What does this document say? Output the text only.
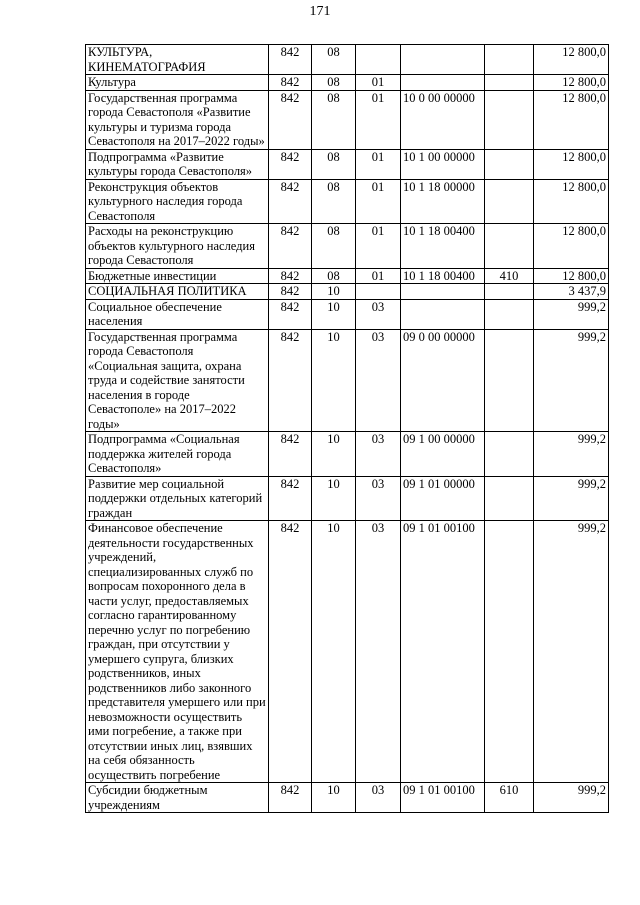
171
КУЛЬТУРА, КИНЕМАТОГРАФИЯ	842	08				12 800,0
Культура	842	08	01			12 800,0
Государственная программа города Севастополя «Развитие культуры и туризма города Севастополя на 2017–2022 годы»	842	08	01	10 0 00 00000		12 800,0
Подпрограмма «Развитие культуры города Севастополя»	842	08	01	10 1 00 00000		12 800,0
Реконструкция объектов культурного наследия города Севастополя	842	08	01	10 1 18 00000		12 800,0
Расходы на реконструкцию объектов культурного наследия города Севастополя	842	08	01	10 1 18 00400		12 800,0
Бюджетные инвестиции	842	08	01	10 1 18 00400	410	12 800,0
СОЦИАЛЬНАЯ ПОЛИТИКА	842	10				3 437,9
Социальное обеспечение населения	842	10	03			999,2
Государственная программа города Севастополя «Социальная защита, охрана труда и содействие занятости населения в городе Севастополе» на 2017–2022 годы»	842	10	03	09 0 00 00000		999,2
Подпрограмма «Социальная поддержка жителей города Севастополя»	842	10	03	09 1 00 00000		999,2
Развитие мер социальной поддержки отдельных категорий граждан	842	10	03	09 1 01 00000		999,2
Финансовое обеспечение деятельности государственных учреждений, специализированных служб по вопросам похоронного дела в части услуг, предоставляемых согласно гарантированному перечню услуг по погребению граждан, при отсутствии у умершего супруга, близких родственников, иных родственников либо законного представителя умершего или при невозможности осуществить ими погребение, а также при отсутствии иных лиц, взявших на себя обязанность осуществить погребение	842	10	03	09 1 01 00100		999,2
Субсидии бюджетным учреждениям	842	10	03	09 1 01 00100	610	999,2
